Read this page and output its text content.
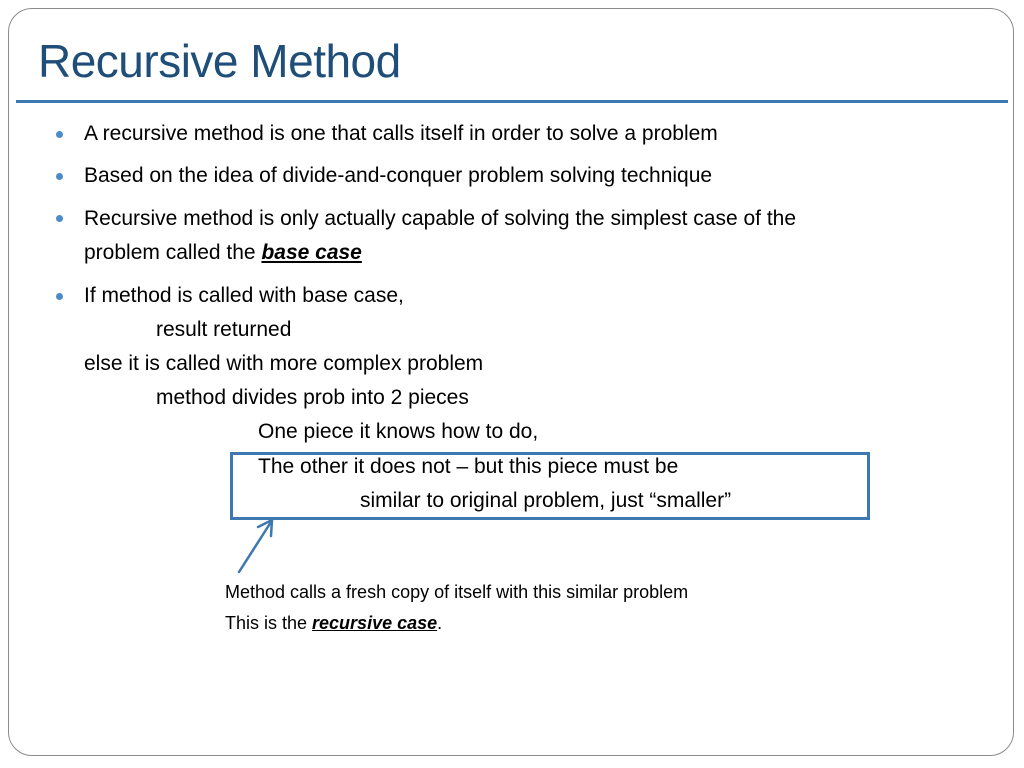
Recursive Method

A recursive method is one that calls itself in order to solve a problem

Based on the idea of divide-and-conquer problem solving technique

Recursive method is only actually capable of solving the simplest case of the

problem called the base case

If method is called with base case,

result returned

else it is called with more complex problem

method divides prob into 2 pieces

One piece it knows how to do,

The other it does not – but this piece must be

similar to original problem, just “smaller”

Method calls a fresh copy of itself with this similar problem

This is the recursive case.
